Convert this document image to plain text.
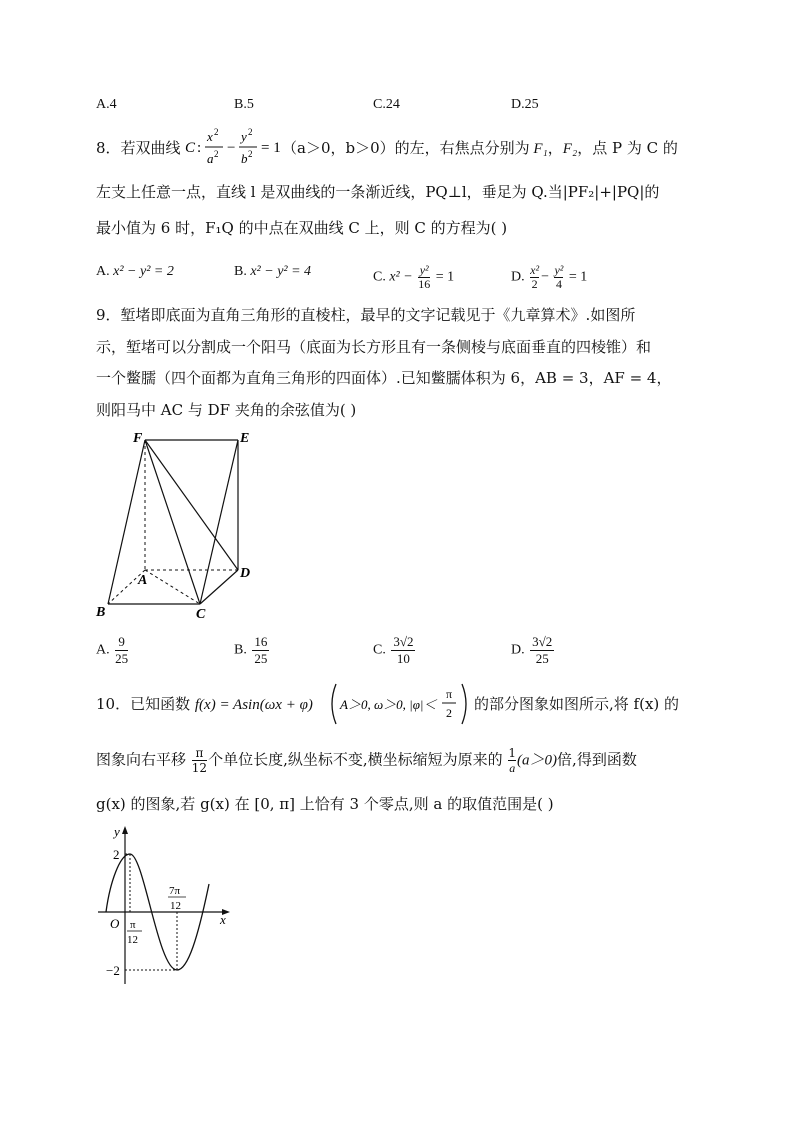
A.4	B.5	C.24	D.25
8．若双曲线 C :
x 2
a 2 −
y 2
b 2 = 1 （a＞0，b＞0）的左，右焦点分别为 F₁，F₂，点 P 为 C 的
左支上任意一点，直线 l 是双曲线的一条渐近线，PQ⊥l，垂足为 Q.当|PF₂|+|PQ|的
最小值为 6 时，F₁Q 的中点在双曲线 C 上，则 C 的方程为( )
A. x² − y² = 2	B. x² − y² = 4	C. $x^2 - \frac{\text{y²}}{16} = 1$	D. $\frac{\text{x²}}{2} - \frac{\text{y²}}{4} = 1$
9．堑堵即底面为直角三角形的直棱柱，最早的文字记载见于《九章算术》.如图所
示，堑堵可以分割成一个阳马（底面为长方形且有一条侧棱与底面垂直的四棱锥）和
一个鳖臑（四个面都为直角三角形的四面体）.已知鳖臑体积为 6，AB = 3，AF = 4，
则阳马中 AC 与 DF 夹角的余弦值为( )
F	E
A	D
B	C
A. $\frac{9}{25}$	B. $\frac{16}{25}$	C. $\frac{3√2}{10}$	D. $\frac{3√2}{25}$
10．已知函数 f(x) = Asin(ωx + φ) A＞0, ω＞0, |φ|＜
π
2 的部分图象如图所示,将 f(x) 的
图象向右平移 $\frac{\pi}{12}$ 个单位长度,纵坐标不变,横坐标缩短为原来的 $\frac{1}{a} (a>0)$倍,得到函数
g(x) 的图象,若 g(x) 在 [0, π] 上恰有 3 个零点,则 a 的取值范围是( )
y
x
O
2
−2
π
12
7π
12
